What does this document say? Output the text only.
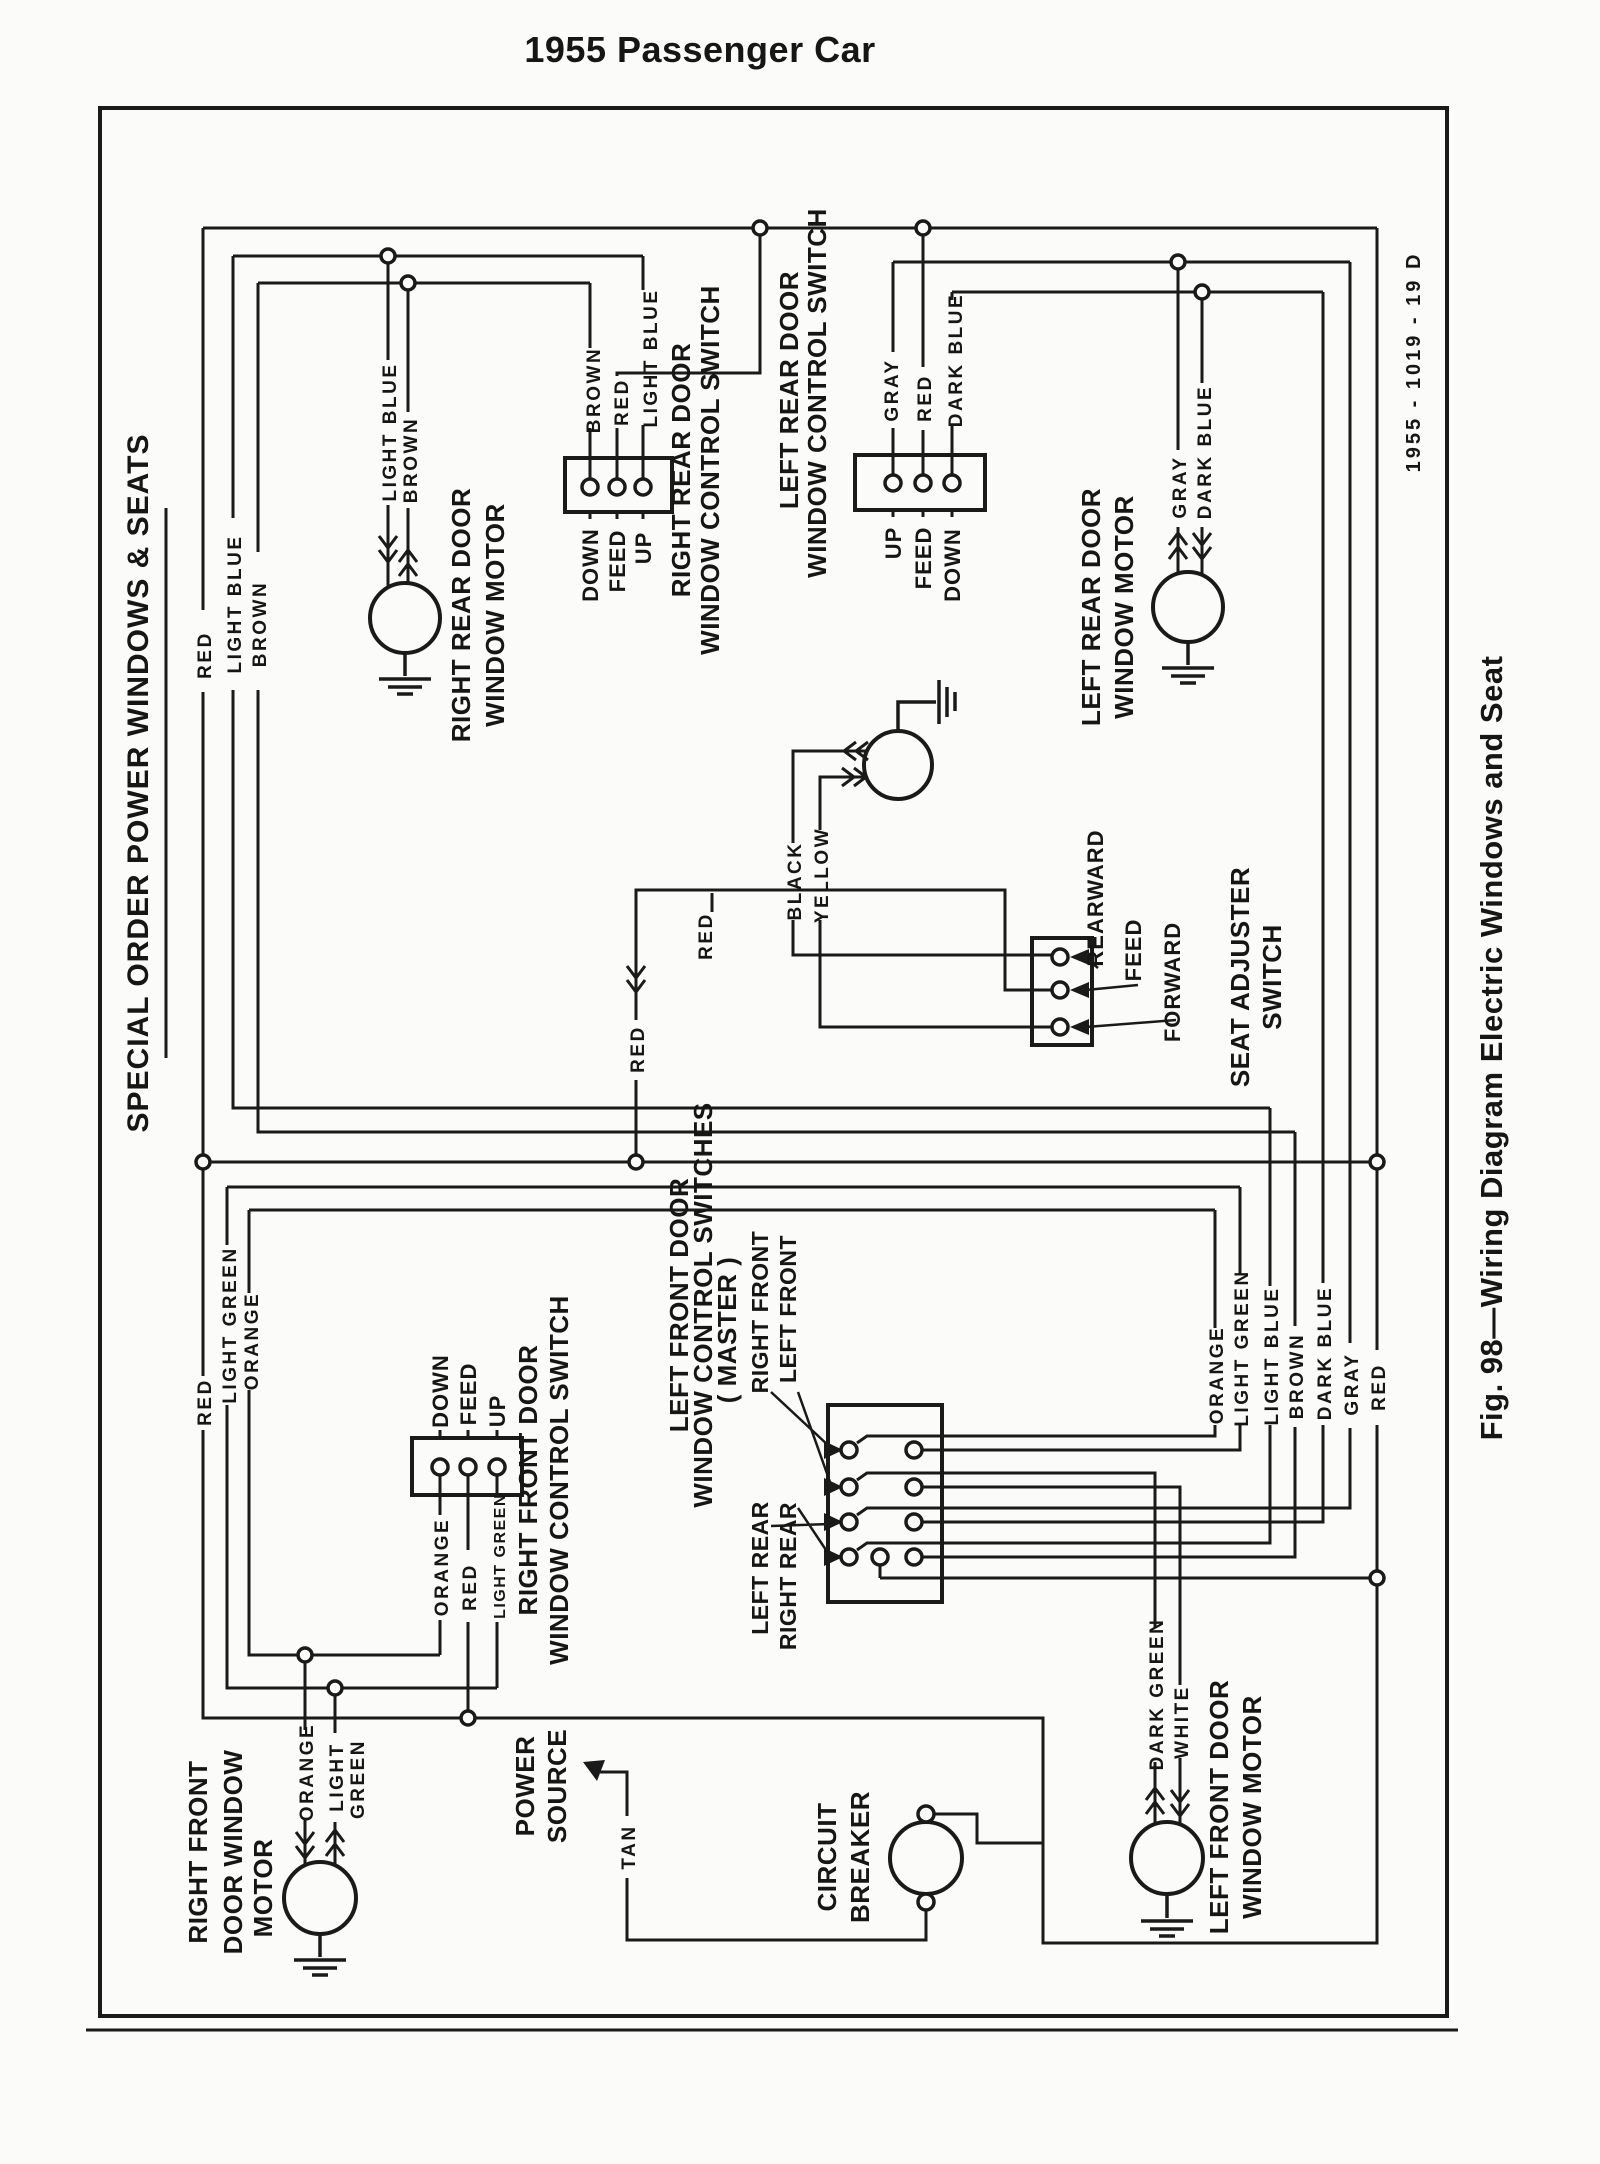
1955 Passenger Car
Fig. 98—Wiring Diagram Electric Windows and Seat
1955 - 1019 - 19 D
SPECIAL ORDER POWER WINDOWS & SEATS	RIGHT REAR DOOR WINDOW MOTOR	LEFT REAR DOOR WINDOW MOTOR
RIGHT FRONT DOOR WINDOW MOTOR	LEFT FRONT DOOR WINDOW MOTOR
RIGHT REAR DOOR WINDOW CONTROL SWITCH LEFT REAR DOOR
WINDOW CONTROL SWITCH
RIGHT FRONT DOOR WINDOW CONTROL SWITCH	LEFT FRONT DOOR
WINDOW CONTROL SWITCHES
( MASTER ) RIGHT FRONT LEFT FRONT
LEFT REAR RIGHT REAR
SEAT ADJUSTER SWITCH
CIRCUIT BREAKER
POWER SOURCE
DOWN FEED UP	UP FEED DOWN
DOWN FEED UP
REARWARD FEED FORWARD
RED LIGHT BLUE BROWN
LIGHT BLUE BROWN
BROWN RED LIGHT BLUE	GRAY RED DARK BLUE
GRAY DARK BLUE
BLACK YELLOW
RED
RED
RED LIGHT GREEN ORANGE
ORANGE RED LIGHT GREEN
ORANGE LIGHT GREEN
ORANGE LIGHT GREEN LIGHT BLUE BROWN DARK BLUE GRAY RED
DARK GREEN WHITE
TAN
